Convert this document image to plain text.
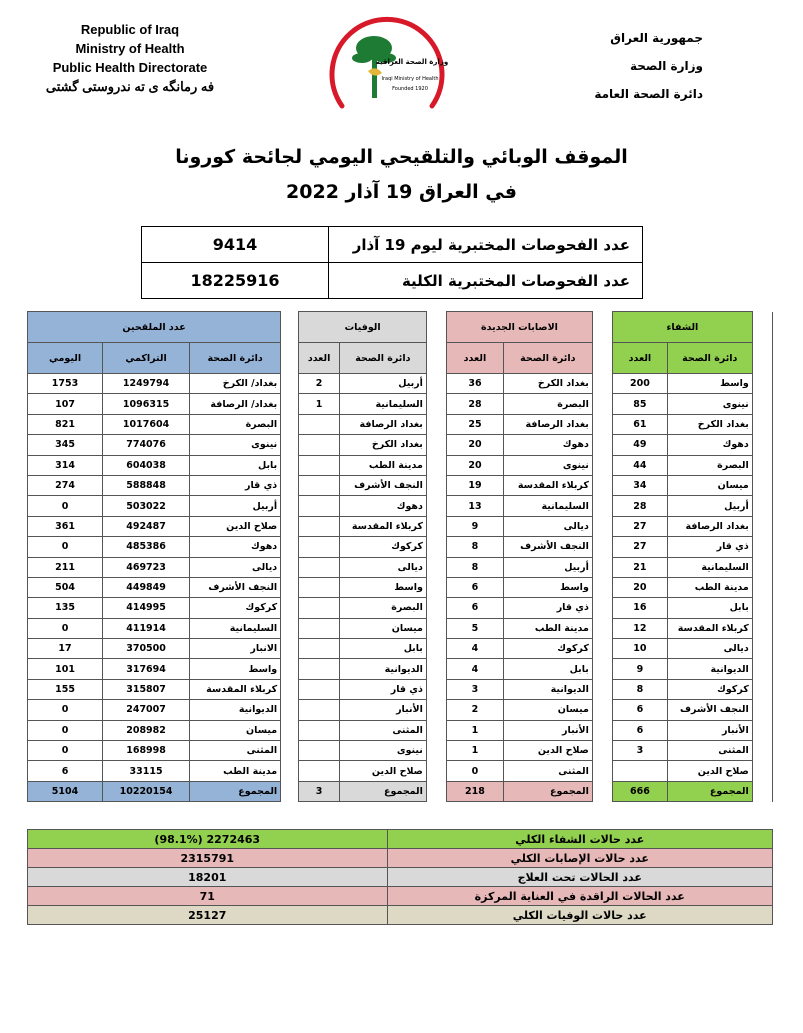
Republic of Iraq
Ministry of Health
Public Health Directorate
فه رمانگه ى ته ندروستى گشتى
جمهورية العراق
وزارة الصحة
دائرة الصحة العامة
وزارة الصحة العراقية
Iraqi Ministry of Health
Founded 1920
الموقف الوبائي والتلقيحي اليومي لجائحة كورونا
في العراق 19 آذار 2022
عدد الفحوصات المختبرية ليوم 19 آذار	9414
عدد الفحوصات المختبرية الكلية	18225916
	الشفاء			الاصابات الجديدة			الوفيات			عدد الملقحين		
	دائرة الصحة	العدد		دائرة الصحة	العدد		دائرة الصحة	العدد		دائرة الصحة	التراكمي	اليومي
	واسط	200		بغداد الكرخ	36		أربيل	2		بغداد/ الكرخ	1249794	1753
	نينوى	85		البصرة	28		السليمانية	1		بغداد/ الرصافة	1096315	107
	بغداد الكرخ	61		بغداد الرصافة	25		بغداد الرصافة			البصرة	1017604	821
	دهوك	49		دهوك	20		بغداد الكرخ			نينوى	774076	345
	البصرة	44		نينوى	20		مدينة الطب			بابل	604038	314
	ميسان	34		كربلاء المقدسة	19		النجف الأشرف			ذي قار	588848	274
	أربيل	28		السليمانية	13		دهوك			أربيل	503022	0
	بغداد الرصافة	27		ديالى	9		كربلاء المقدسة			صلاح الدين	492487	361
	ذي قار	27		النجف الأشرف	8		كركوك			دهوك	485386	0
	السليمانية	21		أربيل	8		ديالى			ديالى	469723	211
	مدينة الطب	20		واسط	6		واسط			النجف الأشرف	449849	504
	بابل	16		ذي قار	6		البصرة			كركوك	414995	135
	كربلاء المقدسة	12		مدينة الطب	5		ميسان			السليمانية	411914	0
	ديالى	10		كركوك	4		بابل			الانبار	370500	17
	الديوانية	9		بابل	4		الديوانية			واسط	317694	101
	كركوك	8		الديوانية	3		ذي قار			كربلاء المقدسة	315807	155
	النجف الأشرف	6		ميسان	2		الأنبار			الديوانية	247007	0
	الأنبار	6		الأنبار	1		المثنى			ميسان	208982	0
	المثنى	3		صلاح الدين	1		نينوى			المثنى	168998	0
	صلاح الدين			المثنى	0		صلاح الدين			مدينة الطب	33115	6
	المجموع	666		المجموع	218		المجموع	3		المجموع	10220154	5104
عدد حالات الشفاء الكلي	2272463 (98.1%)
عدد حالات الإصابات الكلي	2315791
عدد الحالات تحت العلاج	18201
عدد الحالات الراقدة في العناية المركزة	71
عدد حالات الوفيات الكلي	25127
